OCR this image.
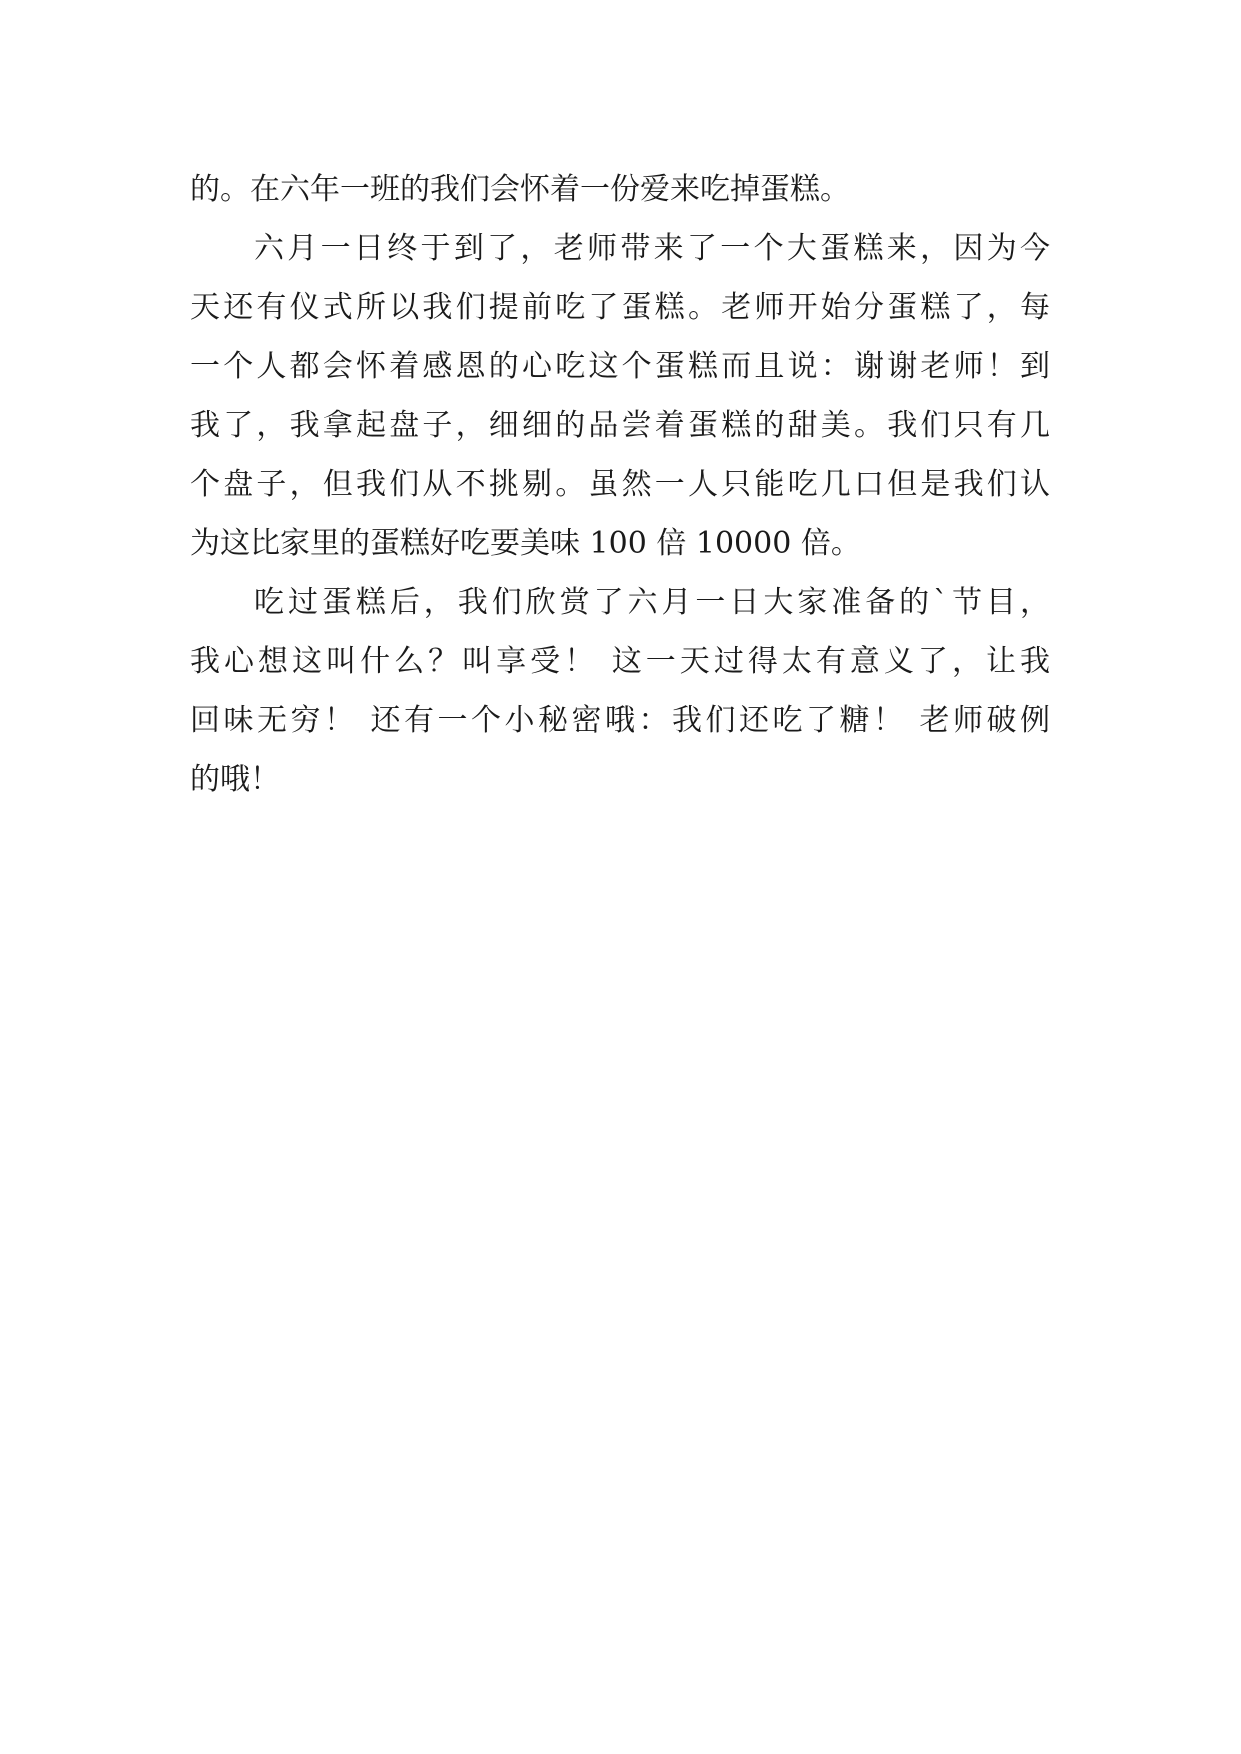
的。在六年一班的我们会怀着一份爱来吃掉蛋糕。
六月一日终于到了，老师带来了一个大蛋糕来，因为今
天还有仪式所以我们提前吃了蛋糕。老师开始分蛋糕了，每
一个人都会怀着感恩的心吃这个蛋糕而且说：谢谢老师！到
我了，我拿起盘子，细细的品尝着蛋糕的甜美。我们只有几
个盘子，但我们从不挑剔。虽然一人只能吃几口但是我们认
为这比家里的蛋糕好吃要美味 100 倍 10000 倍。
吃过蛋糕后，我们欣赏了六月一日大家准备的`节目，
我心想这叫什么？叫享受！ 这一天过得太有意义了，让我
回味无穷！ 还有一个小秘密哦：我们还吃了糖！ 老师破例
的哦！
